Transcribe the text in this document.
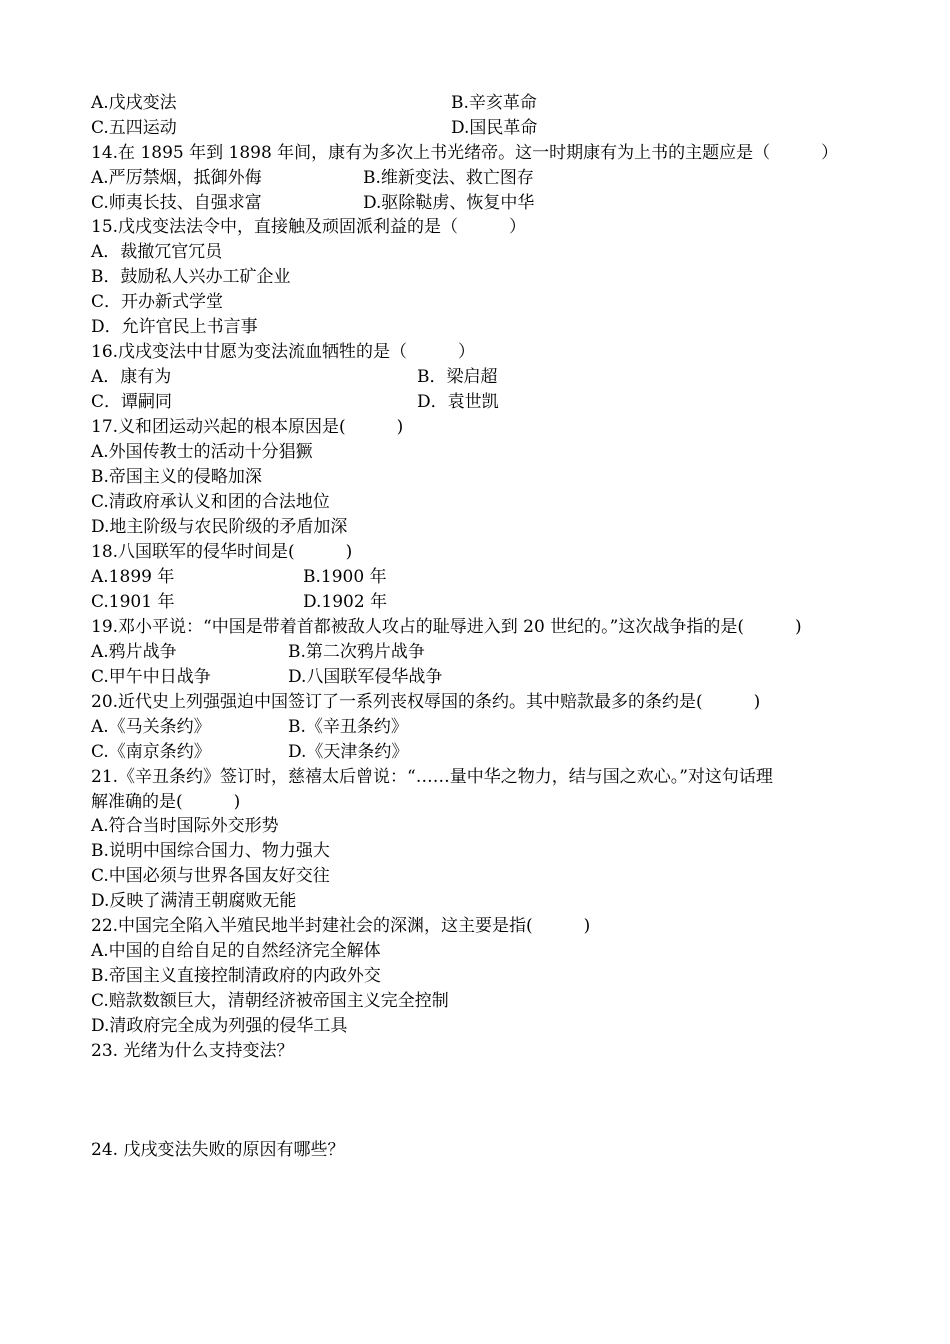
A.戊戌变法	B.辛亥革命
C.五四运动	D.国民革命
14.在 1895 年到 1898 年间，康有为多次上书光绪帝。这一时期康有为上书的主题应是（　　　）
A.严厉禁烟，抵御外侮	B.维新变法、救亡图存
C.师夷长技、自强求富	D.驱除鞑虏、恢复中华
15.戊戌变法法令中，直接触及顽固派利益的是（　　　）
A．裁撤冗官冗员
B．鼓励私人兴办工矿企业
C．开办新式学堂
D．允许官民上书言事
16.戊戌变法中甘愿为变法流血牺牲的是（　　　）
A．康有为	B．梁启超
C．谭嗣同	D．袁世凯
17.义和团运动兴起的根本原因是(　　　)
A.外国传教士的活动十分猖獗
B.帝国主义的侵略加深
C.清政府承认义和团的合法地位
D.地主阶级与农民阶级的矛盾加深
18.八国联军的侵华时间是(　　　)
A.1899 年	B.1900 年
C.1901 年	D.1902 年
19.邓小平说：“中国是带着首都被敌人攻占的耻辱进入到 20 世纪的。”这次战争指的是(　　　)
A.鸦片战争	B.第二次鸦片战争
C.甲午中日战争	D.八国联军侵华战争
20.近代史上列强强迫中国签订了一系列丧权辱国的条约。其中赔款最多的条约是(　　　)
A.《马关条约》	B.《辛丑条约》
C.《南京条约》	D.《天津条约》
21.《辛丑条约》签订时，慈禧太后曾说：“……量中华之物力，结与国之欢心。”对这句话理
解准确的是(　　　)
A.符合当时国际外交形势
B.说明中国综合国力、物力强大
C.中国必须与世界各国友好交往
D.反映了满清王朝腐败无能
22.中国完全陷入半殖民地半封建社会的深渊，这主要是指(　　　)
A.中国的自给自足的自然经济完全解体
B.帝国主义直接控制清政府的内政外交
C.赔款数额巨大，清朝经济被帝国主义完全控制
D.清政府完全成为列强的侵华工具
23. 光绪为什么支持变法？
24. 戊戌变法失败的原因有哪些？
